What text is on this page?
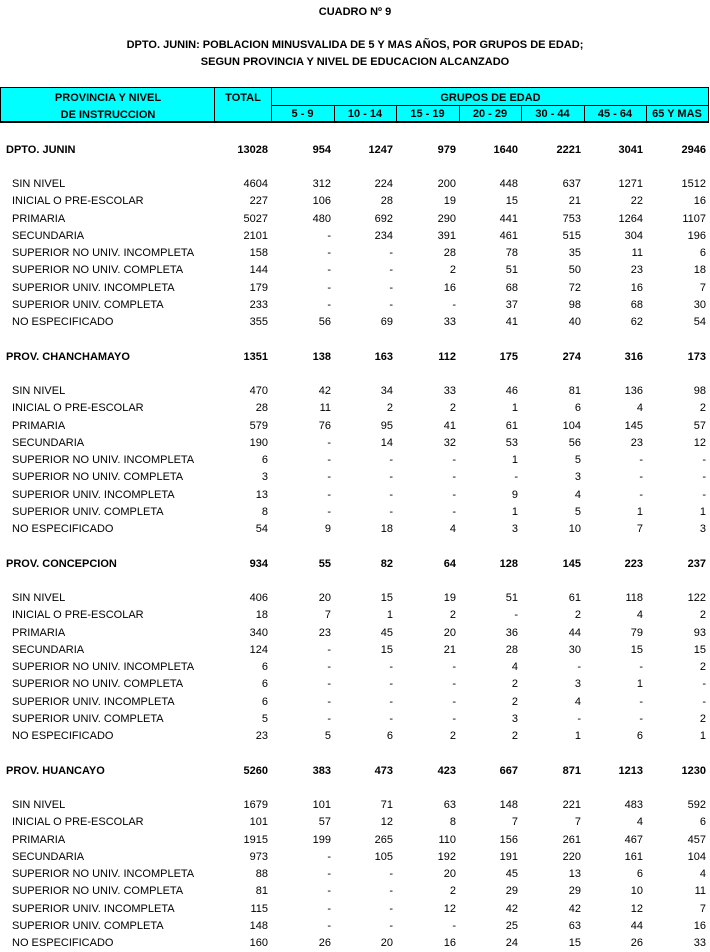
CUADRO Nº 9
DPTO. JUNIN: POBLACION MINUSVALIDA DE 5 Y MAS AÑOS, POR GRUPOS DE EDAD;
SEGUN PROVINCIA Y NIVEL DE EDUCACION ALCANZADO
PROVINCIA Y NIVEL
DE INSTRUCCION
TOTAL	GRUPOS DE EDAD
5 - 9	10 - 14	15 - 19	20 - 29	30 - 44	45 - 64	65 Y MAS
DPTO. JUNIN	13028	954	1247	979	1640	2221	3041	2946
SIN NIVEL	4604	312	224	200	448	637	1271	1512
INICIAL O PRE-ESCOLAR	227	106	28	19	15	21	22	16
PRIMARIA	5027	480	692	290	441	753	1264	1107
SECUNDARIA	2101	-	234	391	461	515	304	196
SUPERIOR NO UNIV. INCOMPLETA	158	-	-	28	78	35	11	6
SUPERIOR NO UNIV. COMPLETA	144	-	-	2	51	50	23	18
SUPERIOR UNIV. INCOMPLETA	179	-	-	16	68	72	16	7
SUPERIOR UNIV. COMPLETA	233	-	-	-	37	98	68	30
NO ESPECIFICADO	355	56	69	33	41	40	62	54
PROV. CHANCHAMAYO	1351	138	163	112	175	274	316	173
SIN NIVEL	470	42	34	33	46	81	136	98
INICIAL O PRE-ESCOLAR	28	11	2	2	1	6	4	2
PRIMARIA	579	76	95	41	61	104	145	57
SECUNDARIA	190	-	14	32	53	56	23	12
SUPERIOR NO UNIV. INCOMPLETA	6	-	-	-	1	5	-	-
SUPERIOR NO UNIV. COMPLETA	3	-	-	-	-	3	-	-
SUPERIOR UNIV. INCOMPLETA	13	-	-	-	9	4	-	-
SUPERIOR UNIV. COMPLETA	8	-	-	-	1	5	1	1
NO ESPECIFICADO	54	9	18	4	3	10	7	3
PROV. CONCEPCION	934	55	82	64	128	145	223	237
SIN NIVEL	406	20	15	19	51	61	118	122
INICIAL O PRE-ESCOLAR	18	7	1	2	-	2	4	2
PRIMARIA	340	23	45	20	36	44	79	93
SECUNDARIA	124	-	15	21	28	30	15	15
SUPERIOR NO UNIV. INCOMPLETA	6	-	-	-	4	-	-	2
SUPERIOR NO UNIV. COMPLETA	6	-	-	-	2	3	1	-
SUPERIOR UNIV. INCOMPLETA	6	-	-	-	2	4	-	-
SUPERIOR UNIV. COMPLETA	5	-	-	-	3	-	-	2
NO ESPECIFICADO	23	5	6	2	2	1	6	1
PROV. HUANCAYO	5260	383	473	423	667	871	1213	1230
SIN NIVEL	1679	101	71	63	148	221	483	592
INICIAL O PRE-ESCOLAR	101	57	12	8	7	7	4	6
PRIMARIA	1915	199	265	110	156	261	467	457
SECUNDARIA	973	-	105	192	191	220	161	104
SUPERIOR NO UNIV. INCOMPLETA	88	-	-	20	45	13	6	4
SUPERIOR NO UNIV. COMPLETA	81	-	-	2	29	29	10	11
SUPERIOR UNIV. INCOMPLETA	115	-	-	12	42	42	12	7
SUPERIOR UNIV. COMPLETA	148	-	-	-	25	63	44	16
NO ESPECIFICADO	160	26	20	16	24	15	26	33
